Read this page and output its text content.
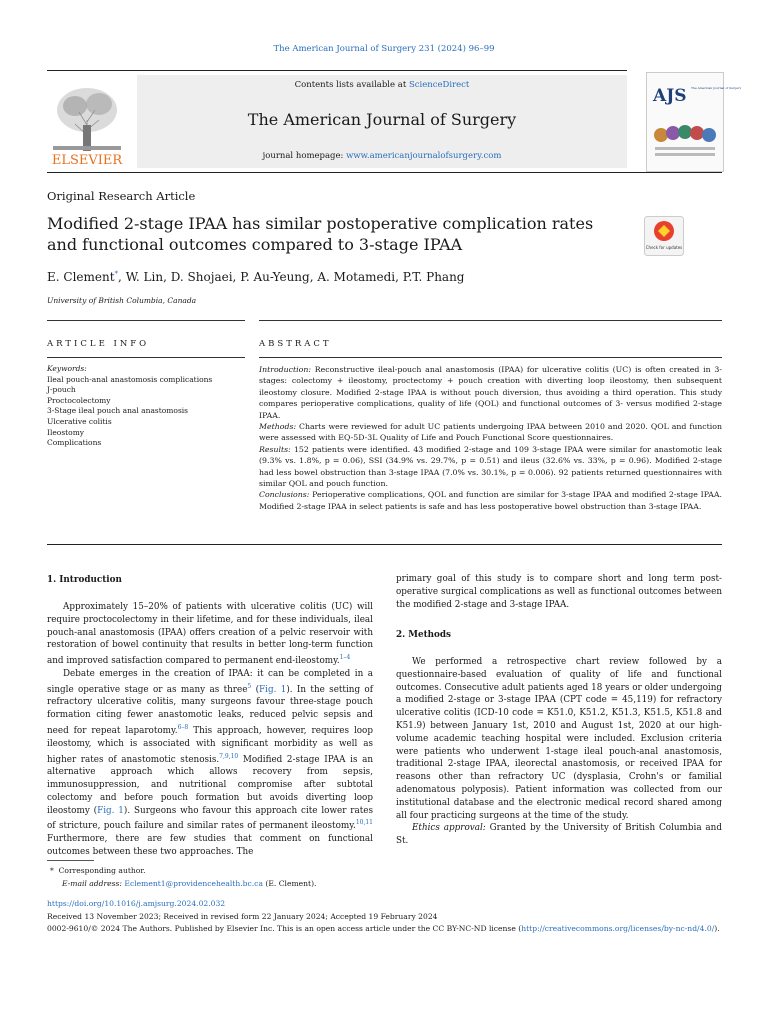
The American Journal of Surgery 231 (2024) 96–99
ELSEVIER
Contents lists available at ScienceDirect
The American Journal of Surgery
journal homepage: www.americanjournalofsurgery.com
AJS The American Journal of Surgery
Original Research Article
Modified 2-stage IPAA has similar postoperative complication rates and functional outcomes compared to 3-stage IPAA	Check for updates
E. Clement*, W. Lin, D. Shojaei, P. Au-Yeung, A. Motamedi, P.T. Phang
University of British Columbia, Canada
ARTICLE INFO	ABSTRACT
Keywords:
Ileal pouch-anal anastomosis complications
J-pouch
Proctocolectomy
3-Stage ileal pouch anal anastomosis
Ulcerative colitis
Ileostomy
Complications

Introduction: Reconstructive ileal-pouch anal anastomosis (IPAA) for ulcerative colitis (UC) is often created in 3-stages: colectomy + ileostomy, proctectomy + pouch creation with diverting loop ileostomy, then subsequent ileostomy closure. Modified 2-stage IPAA is without pouch diversion, thus avoiding a third operation. This study compares perioperative complications, quality of life (QOL) and functional outcomes of 3- versus modified 2-stage IPAA.

Methods: Charts were reviewed for adult UC patients undergoing IPAA between 2010 and 2020. QOL and function were assessed with EQ-5D-3L Quality of Life and Pouch Functional Score questionnaires.

Results: 152 patients were identified. 43 modified 2-stage and 109 3-stage IPAA were similar for anastomotic leak (9.3% vs. 1.8%, p = 0.06), SSI (34.9% vs. 29.7%, p = 0.51) and ileus (32.6% vs. 33%, p = 0.96). Modified 2-stage had less bowel obstruction than 3-stage IPAA (7.0% vs. 30.1%, p = 0.006). 92 patients returned questionnaires with similar QOL and pouch function.

Conclusions: Perioperative complications, QOL and function are similar for 3-stage IPAA and modified 2-stage IPAA. Modified 2-stage IPAA in select patients is safe and has less postoperative bowel obstruction than 3-stage IPAA.

1. Introduction

Approximately 15–20% of patients with ulcerative colitis (UC) will require proctocolectomy in their lifetime, and for these individuals, ileal pouch-anal anastomosis (IPAA) offers creation of a pelvic reservoir with restoration of bowel continuity that results in better long-term function and improved satisfaction compared to permanent end-ileostomy.$^{1-4}$

Debate emerges in the creation of IPAA: it can be completed in a single operative stage or as many as three$^5$ (Fig. 1). In the setting of refractory ulcerative colitis, many surgeons favour three-stage pouch formation citing fewer anastomotic leaks, reduced pelvic sepsis and need for repeat laparotomy.$^{6-8}$ This approach, however, requires loop ileostomy, which is associated with significant morbidity as well as higher rates of anastomotic stenosis.$^{7,9,10}$ Modified 2-stage IPAA is an alternative approach which allows recovery from sepsis, immunosuppression, and nutritional compromise after subtotal colectomy and before pouch formation but avoids diverting loop ileostomy (Fig. 1). Surgeons who favour this approach cite lower rates of stricture, pouch failure and similar rates of permanent ileostomy.$^{10,11}$ Furthermore, there are few studies that comment on functional outcomes between these two approaches. The

primary goal of this study is to compare short and long term post-operative surgical complications as well as functional outcomes between the modified 2-stage and 3-stage IPAA.

2. Methods

We performed a retrospective chart review followed by a questionnaire-based evaluation of quality of life and functional outcomes. Consecutive adult patients aged 18 years or older undergoing a modified 2-stage or 3-stage IPAA (CPT code = 45,119) for refractory ulcerative colitis (ICD-10 code = K51.0, K51.2, K51.3, K51.5, K51.8 and K51.9) between January 1st, 2010 and August 1st, 2020 at our high-volume academic teaching hospital were included. Exclusion criteria were patients who underwent 1-stage ileal pouch-anal anastomosis, traditional 2-stage IPAA, ileorectal anastomosis, or received IPAA for reasons other than refractory UC (dysplasia, Crohn's or familial adenomatous polyposis). Patient information was collected from our institutional database and the electronic medical record shared among all four practicing surgeons at the time of the study.

Ethics approval: Granted by the University of British Columbia and St.

* Corresponding author.
E-mail address: Eclement1@providencehealth.bc.ca (E. Clement).
https://doi.org/10.1016/j.amjsurg.2024.02.032
Received 13 November 2023; Received in revised form 22 January 2024; Accepted 19 February 2024
0002-9610/© 2024 The Authors. Published by Elsevier Inc. This is an open access article under the CC BY-NC-ND license (http://creativecommons.org/licenses/by-nc-nd/4.0/).
